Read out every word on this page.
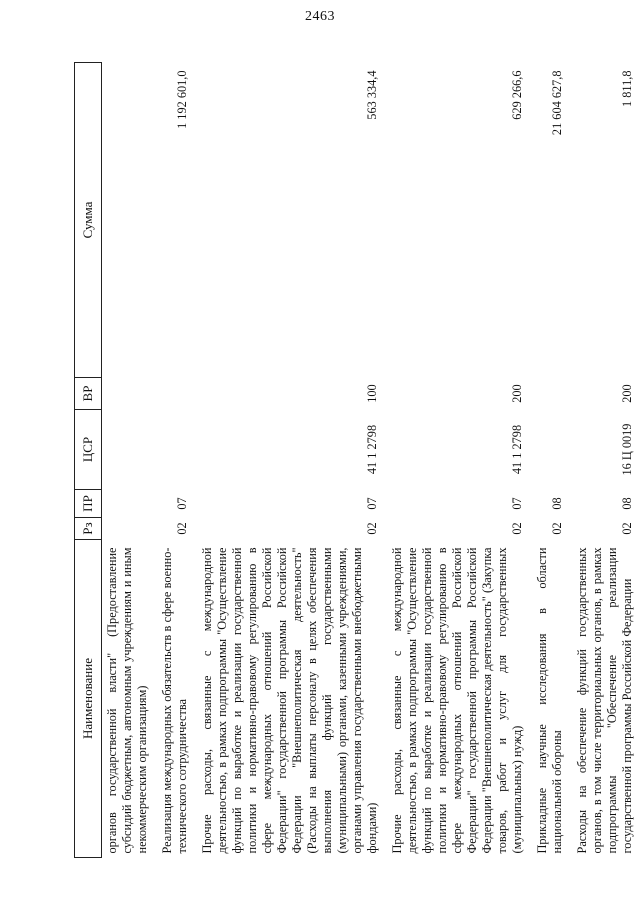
2463
Наименование	Рз	ПР	ЦСР	ВР	Сумма
органов государственной власти" (Предоставление субсидий бюджетным, автономным учреждениям и иным некоммерческим организациям)					
Реализация международных обязательств в сфере военно-технического сотрудничества	02	07			1 192 601,0
Прочие расходы, связанные с международной деятельностью, в рамках подпрограммы "Осуществление функций по выработке и реализации государственной политики и нормативно-правовому регулированию в сфере международных отношений Российской Федерации" государственной программы Российской Федерации "Внешнеполитическая деятельность" (Расходы на выплаты персоналу в целях обеспечения выполнения функций государственными (муниципальными) органами, казенными учреждениями, органами управления государственными внебюджетными фондами)	02	07	41 1 2798	100	563 334,4
Прочие расходы, связанные с международной деятельностью, в рамках подпрограммы "Осуществление функций по выработке и реализации государственной политики и нормативно-правовому регулированию в сфере международных отношений Российской Федерации" государственной программы Российской Федерации "Внешнеполитическая деятельность" (Закупка товаров, работ и услуг для государственных (муниципальных) нужд)	02	07	41 1 2798	200	629 266,6
Прикладные научные исследования в области национальной обороны	02	08			21 604 627,8
Расходы на обеспечение функций государственных органов, в том числе территориальных органов, в рамках подпрограммы "Обеспечение реализации государственной программы Российской Федерации	02	08	16 Ц 0019	200	1 811,8
